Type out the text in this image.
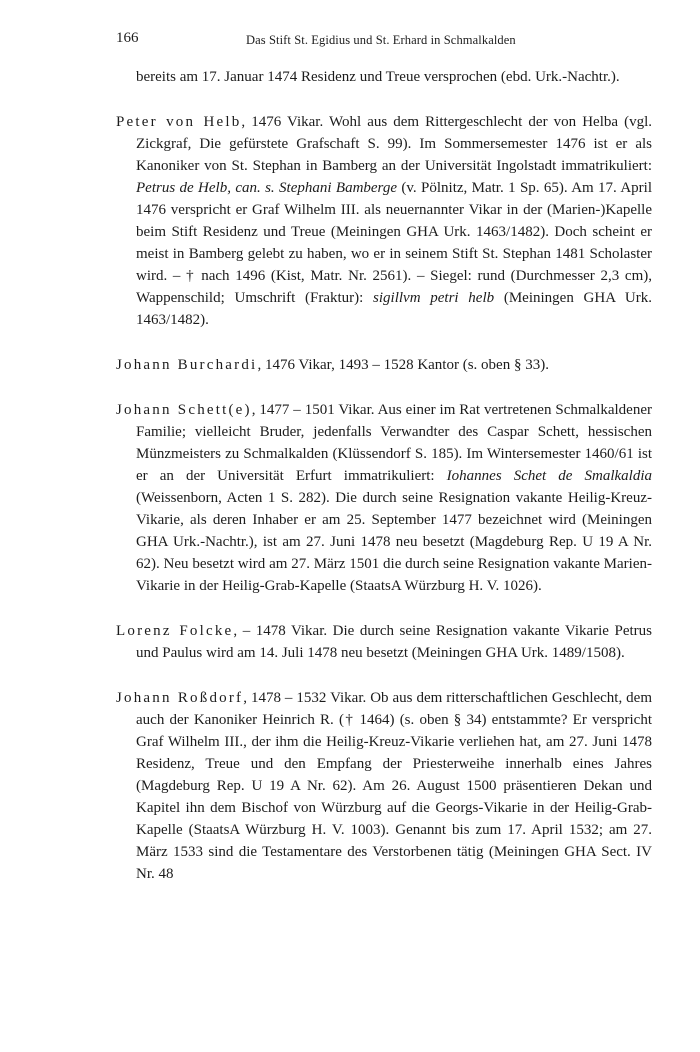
166	Das Stift St. Egidius und St. Erhard in Schmalkalden

bereits am 17. Januar 1474 Residenz und Treue versprochen (ebd. Urk.-Nachtr.).

Peter von Helb, 1476 Vikar. Wohl aus dem Rittergeschlecht der von Helba (vgl. Zickgraf, Die gefürstete Grafschaft S. 99). Im Sommersemester 1476 ist er als Kanoniker von St. Stephan in Bamberg an der Universität Ingolstadt immatrikuliert: Petrus de Helb, can. s. Stephani Bamberge (v. Pölnitz, Matr. 1 Sp. 65). Am 17. April 1476 verspricht er Graf Wilhelm III. als neuernannter Vikar in der (Marien-)Kapelle beim Stift Residenz und Treue (Meiningen GHA Urk. 1463/1482). Doch scheint er meist in Bamberg gelebt zu haben, wo er in seinem Stift St. Stephan 1481 Scholaster wird. – † nach 1496 (Kist, Matr. Nr. 2561). – Siegel: rund (Durchmesser 2,3 cm), Wappenschild; Umschrift (Fraktur): sigillvm petri helb (Meiningen GHA Urk. 1463/1482).

Johann Burchardi, 1476 Vikar, 1493 – 1528 Kantor (s. oben § 33).

Johann Schett(e), 1477 – 1501 Vikar. Aus einer im Rat vertretenen Schmalkaldener Familie; vielleicht Bruder, jedenfalls Verwandter des Caspar Schett, hessischen Münzmeisters zu Schmalkalden (Klüssendorf S. 185). Im Wintersemester 1460/61 ist er an der Universität Erfurt immatrikuliert: Iohannes Schet de Smalkaldia (Weissenborn, Acten 1 S. 282). Die durch seine Resignation vakante Heilig-Kreuz-Vikarie, als deren Inhaber er am 25. September 1477 bezeichnet wird (Meiningen GHA Urk.-Nachtr.), ist am 27. Juni 1478 neu besetzt (Magdeburg Rep. U 19 A Nr. 62). Neu besetzt wird am 27. März 1501 die durch seine Resignation vakante Marien-Vikarie in der Heilig-Grab-Kapelle (StaatsA Würzburg H. V. 1026).

Lorenz Folcke, – 1478 Vikar. Die durch seine Resignation vakante Vikarie Petrus und Paulus wird am 14. Juli 1478 neu besetzt (Meiningen GHA Urk. 1489/1508).

Johann Roßdorf, 1478 – 1532 Vikar. Ob aus dem ritterschaftlichen Geschlecht, dem auch der Kanoniker Heinrich R. († 1464) (s. oben § 34) entstammte? Er verspricht Graf Wilhelm III., der ihm die Heilig-Kreuz-Vikarie verliehen hat, am 27. Juni 1478 Residenz, Treue und den Empfang der Priesterweihe innerhalb eines Jahres (Magdeburg Rep. U 19 A Nr. 62). Am 26. August 1500 präsentieren Dekan und Kapitel ihn dem Bischof von Würzburg auf die Georgs-Vikarie in der Heilig-Grab-Kapelle (StaatsA Würzburg H. V. 1003). Genannt bis zum 17. April 1532; am 27. März 1533 sind die Testamentare des Verstorbenen tätig (Meiningen GHA Sect. IV Nr. 48
